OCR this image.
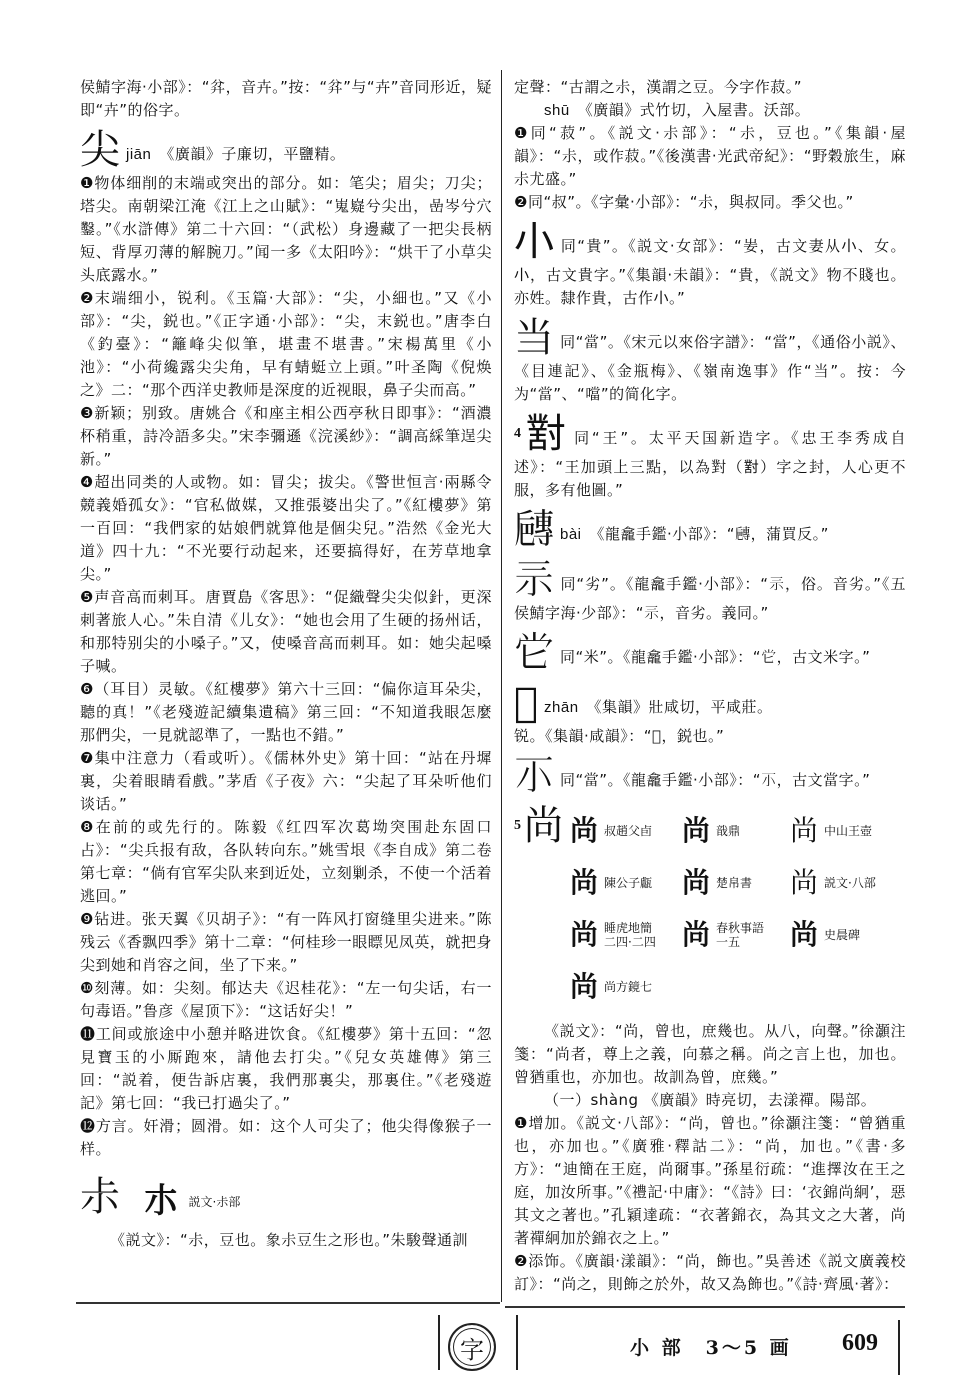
侯鯖字海·小部》：“弅，音卉。”按：“弅”与“卉”音同形近，疑即“卉”的俗字。

尖jiān 《廣韻》子廉切，平鹽精。

❶物体细削的末端或突出的部分。如：笔尖；眉尖；刀尖；塔尖。南朝梁江淹《江上之山賦》：“嵬嶷兮尖出，嵒岑兮穴鑿。”《水滸傳》第二十六回：“（武松）身邊藏了一把尖長柄短、背厚刃薄的解腕刀。”闻一多《太阳吟》：“烘干了小草尖头底露水。”

❷末端细小，锐利。《玉篇·大部》：“尖，小細也。”又《小部》：“尖，鋭也。”《正字通·小部》：“尖，末鋭也。”唐李白《釣臺》：“籬峰尖似筆，堪畫不堪書。”宋楊萬里《小池》：“小荷纔露尖尖角，早有蜻蜓立上頭。”叶圣陶《倪焕之》二：“那个西洋史教师是深度的近视眼，鼻子尖而高。”

❸新颖；别致。唐姚合《和座主相公西亭秋日即事》：“酒濃杯稍重，詩冷語多尖。”宋李彌遜《浣溪紗》：“調高綵筆逞尖新。”

❹超出同类的人或物。如：冒尖；拔尖。《警世恒言·兩縣令競義婚孤女》：“官私做媒，又推張婆出尖了。”《紅樓夢》第一百回：“我們家的姑娘們就算他是個尖兒。”浩然《金光大道》四十九：“不光要行动起来，还要搞得好，在芳草地拿尖。”

❺声音高而刺耳。唐賈島《客思》：“促織聲尖尖似針，更深刺著旅人心。”朱自清《儿女》：“她也会用了生硬的扬州话，和那特别尖的小嗓子。”又，使嗓音高而刺耳。如：她尖起嗓子喊。

❻（耳目）灵敏。《紅樓夢》第六十三回：“偏你這耳朵尖，聽的真！”《老殘遊記續集遺稿》第三回：“不知道我眼怎麼那們尖，一見就認準了，一點也不錯。”

❼集中注意力（看或听）。《儒林外史》第十回：“站在丹墀裏，尖着眼睛看戲。”茅盾《子夜》六：“尖起了耳朵听他们谈话。”

❽在前的或先行的。陈毅《红四军次葛坳突围赴东固口占》：“尖兵报有敌，各队转向东。”姚雪垠《李自成》第二卷第七章：“倘有官军尖队来到近处，立刻剿杀，不使一个活着逃回。”

❾钻进。张天翼《贝胡子》：“有一阵风打窗缝里尖进来。”陈残云《香飘四季》第十二章：“何桂珍一眼瞟见凤英，就把身尖到她和肖容之间，坐了下来。”

❿刻薄。如：尖刻。郁达夫《迟桂花》：“左一句尖话，右一句毒语。”鲁彦《屋顶下》：“这话好尖！”

⓫工间或旅途中小憩并略进饮食。《紅樓夢》第十五回：“忽見寶玉的小厮跑來，請他去打尖。”《兒女英雄傳》第三回：“説着，便告訴店裏，我們那裏尖，那裏住。”《老殘遊記》第七回：“我已打過尖了。”

⓬方言。奸滑；圆滑。如：这个人可尖了；他尖得像猴子一样。

尗 朩 説文·尗部

《説文》：“尗，豆也。象尗豆生之形也。”朱駿聲通訓

定聲：“古謂之尗，漢謂之豆。今字作菽。”

shū 《廣韻》式竹切，入屋書。沃部。

❶同“菽”。《説文·尗部》：“尗，豆也。”《集韻·屋韻》：“尗，或作菽。”《後漢書·光武帝紀》：“野穀旅生，麻尗尤盛。”

❷同“叔”。《字彙·小部》：“尗，與叔同。季父也。”

𡭔同“貴”。《説文·女部》：“妛，古文妻从𡭔、女。𡭔，古文貴字。”《集韻·未韻》：“貴，《説文》物不賤也。亦姓。隸作貴，古作𡭔。”

当同“當”。《宋元以來俗字譜》：“當”，《通俗小説》、《目連記》、《金瓶梅》、《嶺南逸事》作“当”。按：今为“當”、“噹”的简化字。

4𡭊 同“王”。太平天国新造字。《忠王李秀成自述》：“王加頭上三點，以為對（𡭊）字之封，人心更不服，多有他圖。”

𡭐bài 《龍龕手鑑·小部》：“𡭐，蒲買反。”

𡭚同“劣”。《龍龕手鑑·小部》：“𡭚，俗。音劣。”《五侯鯖字海·少部》：“𡭚，音劣。義同。”

𡭠同“米”。《龍龕手鑑·小部》：“𡭠，古文米字。”

𡭜zhān 《集韻》壯咸切，平咸莊。

锐。《集韻·咸韻》：“𡭜，鋭也。”

𡭕同“當”。《龍龕手鑑·小部》：“𡭕，古文當字。”

5尚 尚 叔趙父卣 尚 戠鼎 尚 中山王壺
尚 陳公子甗 尚 楚帛書 尚 説文·八部
尚 睡虎地簡
二四·二四 尚 春秋事語
一五	尚 史晨碑
尚 尚方鏡七

《説文》：“尚，曾也，庶幾也。从八，向聲。”徐灝注箋：“尚者，尊上之義，向慕之稱。尚之言上也，加也。曾猶重也，亦加也。故訓為曾，庶幾。”

（一）shàng 《廣韻》時亮切，去漾禪。陽部。

❶增加。《説文·八部》：“尚，曾也。”徐灝注箋：“曾猶重也，亦加也。”《廣雅·釋詁二》：“尚，加也。”《書·多方》：“迪簡在王庭，尚爾事。”孫星衍疏：“進擇汝在王之庭，加汝所事。”《禮記·中庸》：“《詩》曰：‘衣錦尚絅’，惡其文之著也。”孔穎達疏：“衣著錦衣，為其文之大著，尚著禪絅加於錦衣之上。”

❷添饰。《廣韻·漾韻》：“尚，飾也。”吳善述《説文廣義校訂》：“尚之，則飾之於外，故又為飾也。”《詩·齊風·著》：

字	小 部　3～5 画 609
